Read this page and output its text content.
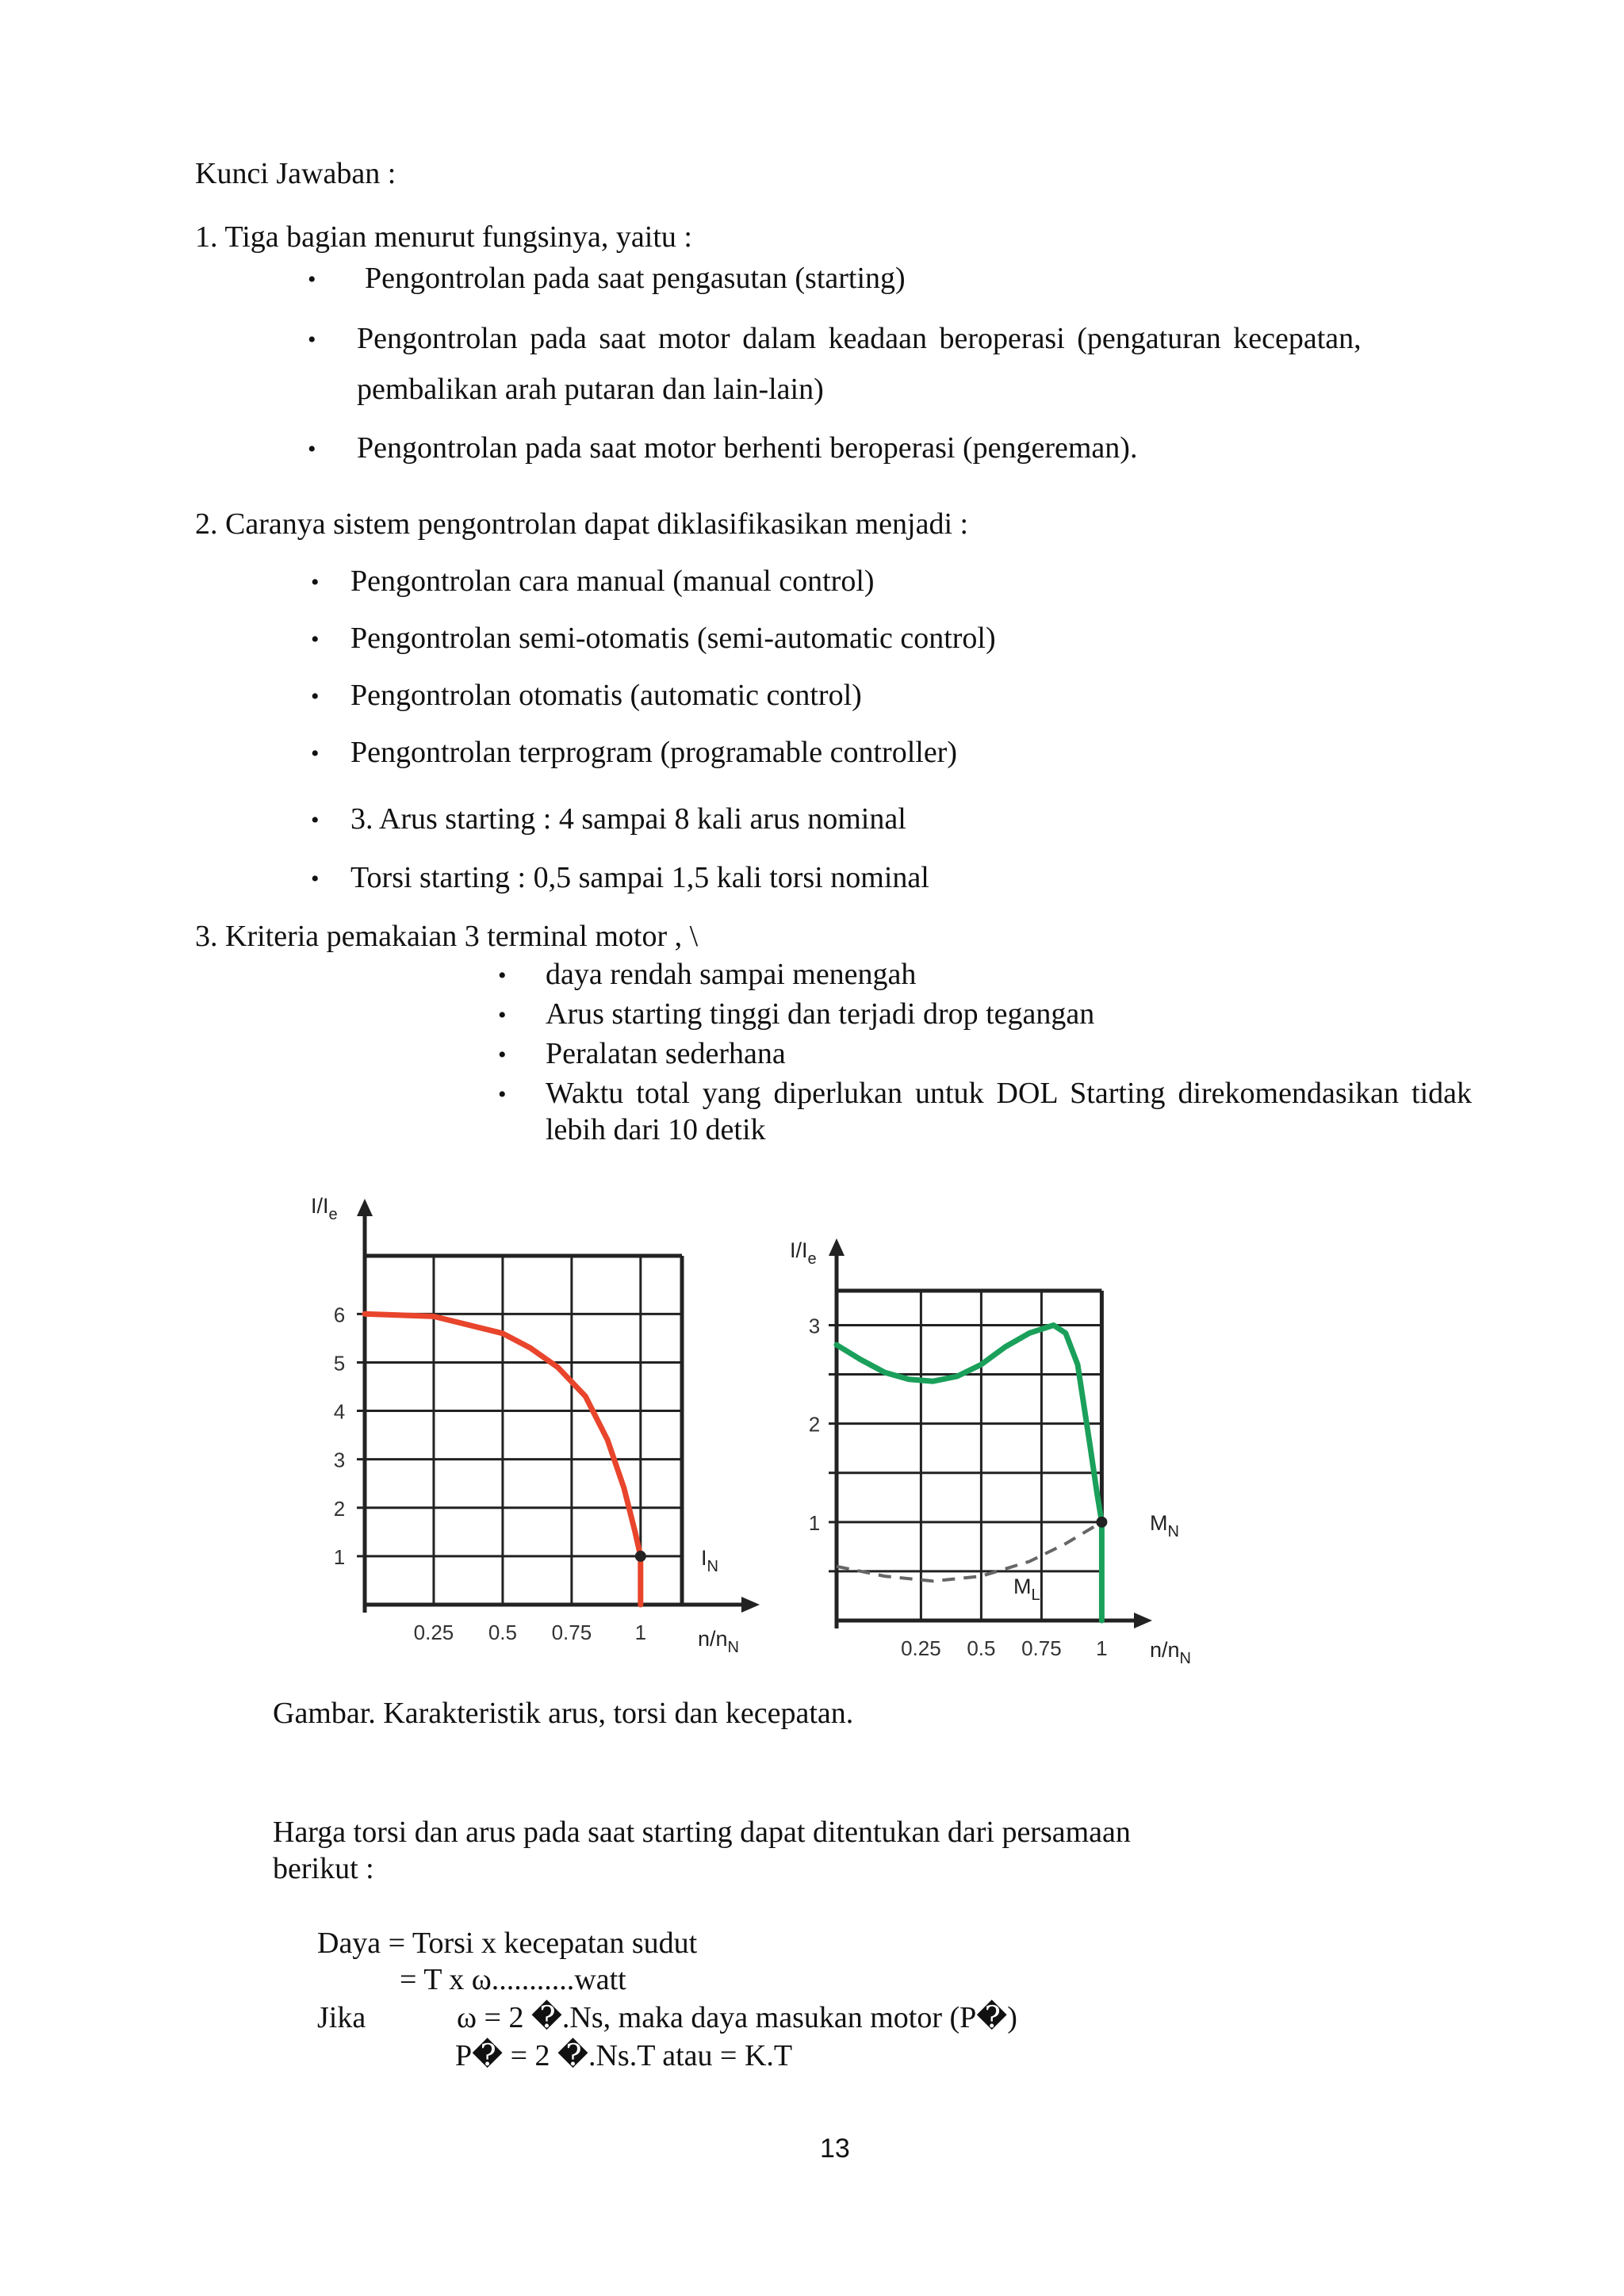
Kunci Jawaban :
1. Tiga bagian menurut fungsinya, yaitu :
• Pengontrolan pada saat pengasutan (starting)
• Pengontrolan pada saat motor dalam keadaan beroperasi (pengaturan kecepatan,
pembalikan arah putaran dan lain-lain)
• Pengontrolan pada saat motor berhenti beroperasi (pengereman).
2. Caranya sistem pengontrolan dapat diklasifikasikan menjadi :
• Pengontrolan cara manual (manual control)
• Pengontrolan semi-otomatis (semi-automatic control)
• Pengontrolan otomatis (automatic control)
• Pengontrolan terprogram (programable controller)
• 3. Arus starting : 4 sampai 8 kali arus nominal
• Torsi starting : 0,5 sampai 1,5 kali torsi nominal
3. Kriteria pemakaian 3 terminal motor , \
• daya rendah sampai menengah
• Arus starting tinggi dan terjadi drop tegangan
• Peralatan sederhana
• Waktu total yang diperlukan untuk DOL Starting direkomendasikan tidak lebih dari 10 detik
1
2
3
4
5
6
0.25 0.5 0.75 1
$I/I_e$
$n/n_N$
$I_N$
1
2
3
0.25 0.5 0.75 1
$I/I_e$
$n/n_N$
$M_N$
$M_L$
Gambar. Karakteristik arus, torsi dan kecepatan.
Harga torsi dan arus pada saat starting dapat ditentukan dari persamaan
berikut :
Daya = Torsi x kecepatan sudut
= T x ω...........watt
Jika	ω = 2 �.Ns, maka daya masukan motor (P�)
P� = 2 �.Ns.T atau = K.T
13
